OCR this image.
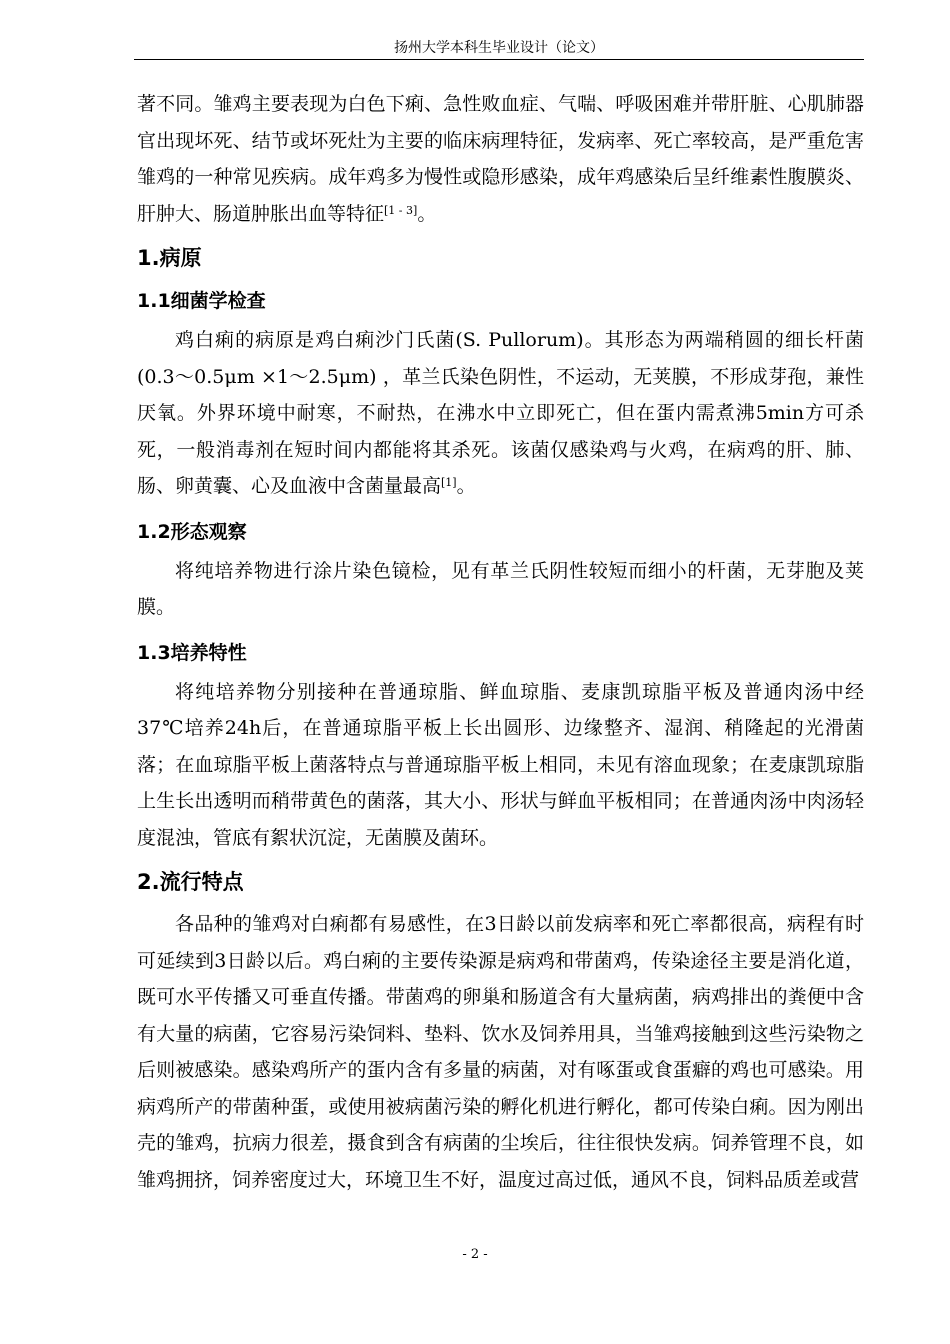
扬州大学本科生毕业设计（论文）

著不同。雏鸡主要表现为白色下痢、急性败血症、气喘、呼吸困难并带肝脏、心肌肺器官出现坏死、结节或坏死灶为主要的临床病理特征，发病率、死亡率较高，是严重危害雏鸡的一种常见疾病。成年鸡多为慢性或隐形感染，成年鸡感染后呈纤维素性腹膜炎、肝肿大、肠道肿胀出血等特征[1 - 3]。

1.病原
1.1细菌学检查

鸡白痢的病原是鸡白痢沙门氏菌(S. Pullorum)。其形态为两端稍圆的细长杆菌(0.3～0.5μm ×1～2.5μm) ，革兰氏染色阴性，不运动，无荚膜，不形成芽孢，兼性厌氧。外界环境中耐寒，不耐热，在沸水中立即死亡，但在蛋内需煮沸5min方可杀死，一般消毒剂在短时间内都能将其杀死。该菌仅感染鸡与火鸡，在病鸡的肝、肺、肠、卵黄囊、心及血液中含菌量最高[1]。

1.2形态观察

将纯培养物进行涂片染色镜检，见有革兰氏阴性较短而细小的杆菌，无芽胞及荚膜。

1.3培养特性

将纯培养物分别接种在普通琼脂、鲜血琼脂、麦康凯琼脂平板及普通肉汤中经37℃培养24h后，在普通琼脂平板上长出圆形、边缘整齐、湿润、稍隆起的光滑菌落；在血琼脂平板上菌落特点与普通琼脂平板上相同，未见有溶血现象；在麦康凯琼脂上生长出透明而稍带黄色的菌落，其大小、形状与鲜血平板相同；在普通肉汤中肉汤轻度混浊，管底有絮状沉淀，无菌膜及菌环。

2.流行特点

各品种的雏鸡对白痢都有易感性，在3日龄以前发病率和死亡率都很高，病程有时可延续到3日龄以后。鸡白痢的主要传染源是病鸡和带菌鸡，传染途径主要是消化道，既可水平传播又可垂直传播。带菌鸡的卵巢和肠道含有大量病菌，病鸡排出的粪便中含有大量的病菌，它容易污染饲料、垫料、饮水及饲养用具，当雏鸡接触到这些污染物之后则被感染。感染鸡所产的蛋内含有多量的病菌，对有啄蛋或食蛋癖的鸡也可感染。用病鸡所产的带菌种蛋，或使用被病菌污染的孵化机进行孵化，都可传染白痢。因为刚出壳的雏鸡，抗病力很差，摄食到含有病菌的尘埃后，往往很快发病。饲养管理不良，如雏鸡拥挤，饲养密度过大，环境卫生不好，温度过高过低，通风不良，饲料品质差或营

- 2 -
